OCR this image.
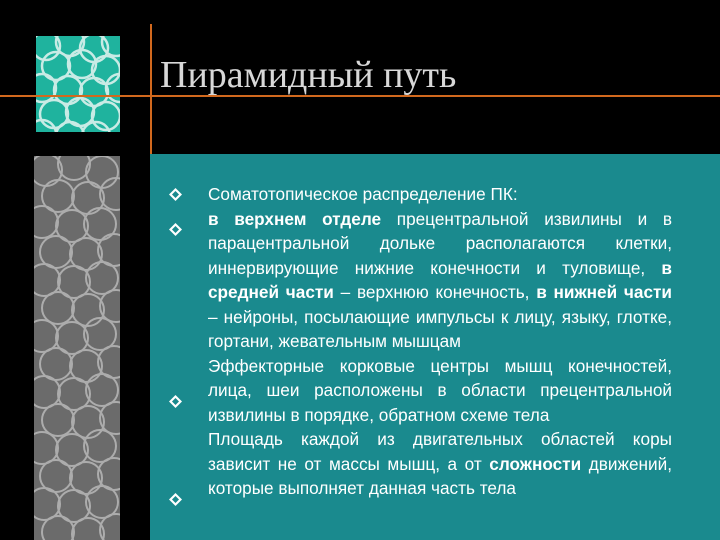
Пирамидный путь

Соматотопическое распределение ПК:

в верхнем отделе прецентральной извилины и в парацентральной дольке располагаются клетки, иннервирующие нижние конечности и туловище, в средней части – верхнюю конечность, в нижней части – нейроны, посылающие импульсы к лицу, языку, глотке, гортани, жевательным мышцам

Эффекторные корковые центры мышц конечностей, лица, шеи расположены в области прецентральной извилины в порядке, обратном схеме тела

Площадь каждой из двигательных областей коры зависит не от массы мышц, а от сложности движений, которые выполняет данная часть тела
